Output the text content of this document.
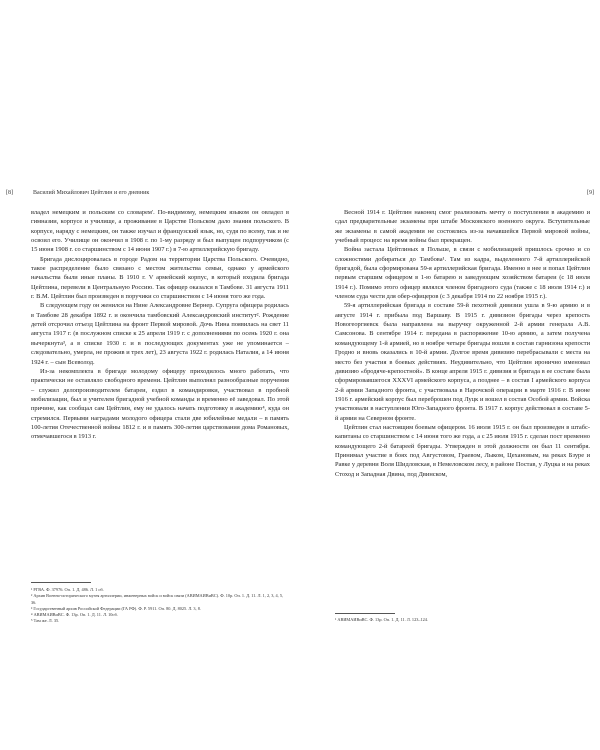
[8]	Василий Михайлович Цейтлин и его дневник

владел немецким и польским со словарем'. По-видимому, немецким языком он овладел в гимназии, корпусе и училище, а проживание в Царстве Польском дало знания польского. В корпусе, наряду с немецким, он также изучал и французский язык, но, судя по всему, так и не освоил его. Училище он окончил в 1908 г. по 1-му разряду и был выпущен подпоручиком (с 15 июня 1908 г. со старшинством с 14 июня 1907 г.) в 7-ю артиллерийскую бригаду.

Бригада дислоцировалась в городе Радом на территории Царства Польского. Очевидно, такое распределение было связано с местом жительства семьи, однако у армейского начальства были иные планы. В 1910 г. V армейский корпус, в который входила бригада Цейтлина, перевели в Центральную Россию. Так офицер оказался в Тамбове. 31 августа 1911 г. В.М. Цейтлин был произведен в поручики со старшинством с 14 июня того же года.

В следующем году он женился на Нине Александровне Вернер. Супруга офицера родилась в Тамбове 28 декабря 1892 г. и окончила тамбовский Александровский институт². Рождение детей отсрочил отъезд Цейтлина на фронт Первой мировой. Дочь Нина появилась на свет 11 августа 1917 г. (в послужном списке к 25 апреля 1919 г. с дополнениями по осень 1920 г. она вычеркнута³, а в списке 1930 г. и в последующих документах уже не упоминается – следовательно, умерла, не прожив и трех лет), 23 августа 1922 г. родилась Наталия, а 14 июня 1924 г. – сын Всеволод.

Из-за некомплекта в бригаде молодому офицеру приходилось много работать, что практически не оставляло свободного времени. Цейтлин выполнял разнообразные поручения – служил делопроизводителем батареи, ездил в командировки, участвовал в пробной мобилизации, был и учителем бригадной учебной команды и временно её заведовал. По этой причине, как сообщал сам Цейтлин, ему не удалось начать подготовку в академию⁴, куда он стремился. Первыми наградами молодого офицера стали две юбилейные медали – в память 100-летия Отечественной войны 1812 г. и в память 300-летия царствования дома Романовых, отмечавшегося в 1913 г.

¹ РГВА. Ф. 37976. Оп. 1. Д. 486. Л. 1 об.
² Архив Военно-исторического музея артиллерии, инженерных войск и войск связи (АВИМАИВиВС). Ф. 10р. Оп. 1. Д. 11. Л. 1, 2, 3, 4, 5, 36.
³ Государственный архив Российской Федерации (ГА РФ). Ф. Р. 5911. Оп. 80. Д. 8025. Л. 3, 8.
⁴ АВИМАИВиВС. Ф. 13р. Оп. 1. Д. 11. Л. 10об.
⁵ Там же. Л. 35.
[9]

Весной 1914 г. Цейтлин наконец смог реализовать мечту о поступлении в академию и сдал предварительные экзамены при штабе Московского военного округа. Вступительные же экзамены в самой академии не состоялись из-за начавшейся Первой мировой войны, учебный процесс на время войны был прекращен.

Война застала Цейтлиных в Польше, в связи с мобилизацией пришлось срочно и со сложностями добираться до Тамбова¹. Там из кадра, выделенного 7-й артиллерийской бригадой, была сформирована 59-я артиллерийская бригада. Именно в нее и попал Цейтлин первым старшим офицером в 1-ю батарею и заведующим хозяйством батареи (с 18 июля 1914 г.). Помимо этого офицер являлся членом бригадного суда (также с 18 июля 1914 г.) и членом суда чести для обер-офицеров (с 3 декабря 1914 по 22 ноября 1915 г.).

59-я артиллерийская бригада в составе 59-й пехотной дивизии ушла в 9-ю армию и в августе 1914 г. прибыла под Варшаву. В 1915 г. дивизион бригады через крепость Новогеоргиевск была направлена на выручку окруженной 2-й армии генерала А.В. Самсонова. В сентябре 1914 г. передана в распоряжение 10-ю армию, а затем получена командующему 1-й армией, но в ноябре четыре бригады вошли в состав гарнизона крепости Гродно и вновь оказались в 10-й армии. Долгое время дивизию перебрасывали с места на место без участия в боевых действиях. Неудивительно, что Цейтлин иронично именовал дивизию «бродяче-крепостной». В конце апреля 1915 г. дивизия и бригада в ее составе была сформировавшегося XXXVI армейского корпуса, а позднее – в состав I армейского корпуса 2-й армии Западного фронта, с участвовала в Нарочской операции в марте 1916 г. В июне 1916 г. армейский корпус был переброшен под Луцк и вошел в состав Особой армии. Войска участвовали в наступлении Юго-Западного фронта. В 1917 г. корпус действовал в составе 5-й армии на Северном фронте.

Цейтлин стал настоящим боевым офицером. 16 июля 1915 г. он был произведен в штабс-капитаны со старшинством с 14 июня того же года, а с 25 июля 1915 г. сделан пост временно командующего 2-й батареей бригады. Утвержден в этой должности он был 11 сентября. Принимал участие в боях под Августовом, Граевом, Лыком, Цехановым, на реках Бзуре и Равке у деревни Воля Шидловская, в Немеловском лесу, в районе Постав, у Луцка и на реках Стоход и Западная Двина, под Двинском,

¹ АВИМАИВиВС. Ф. 13р. Оп. 1. Д. 11. Л. 123–124.
